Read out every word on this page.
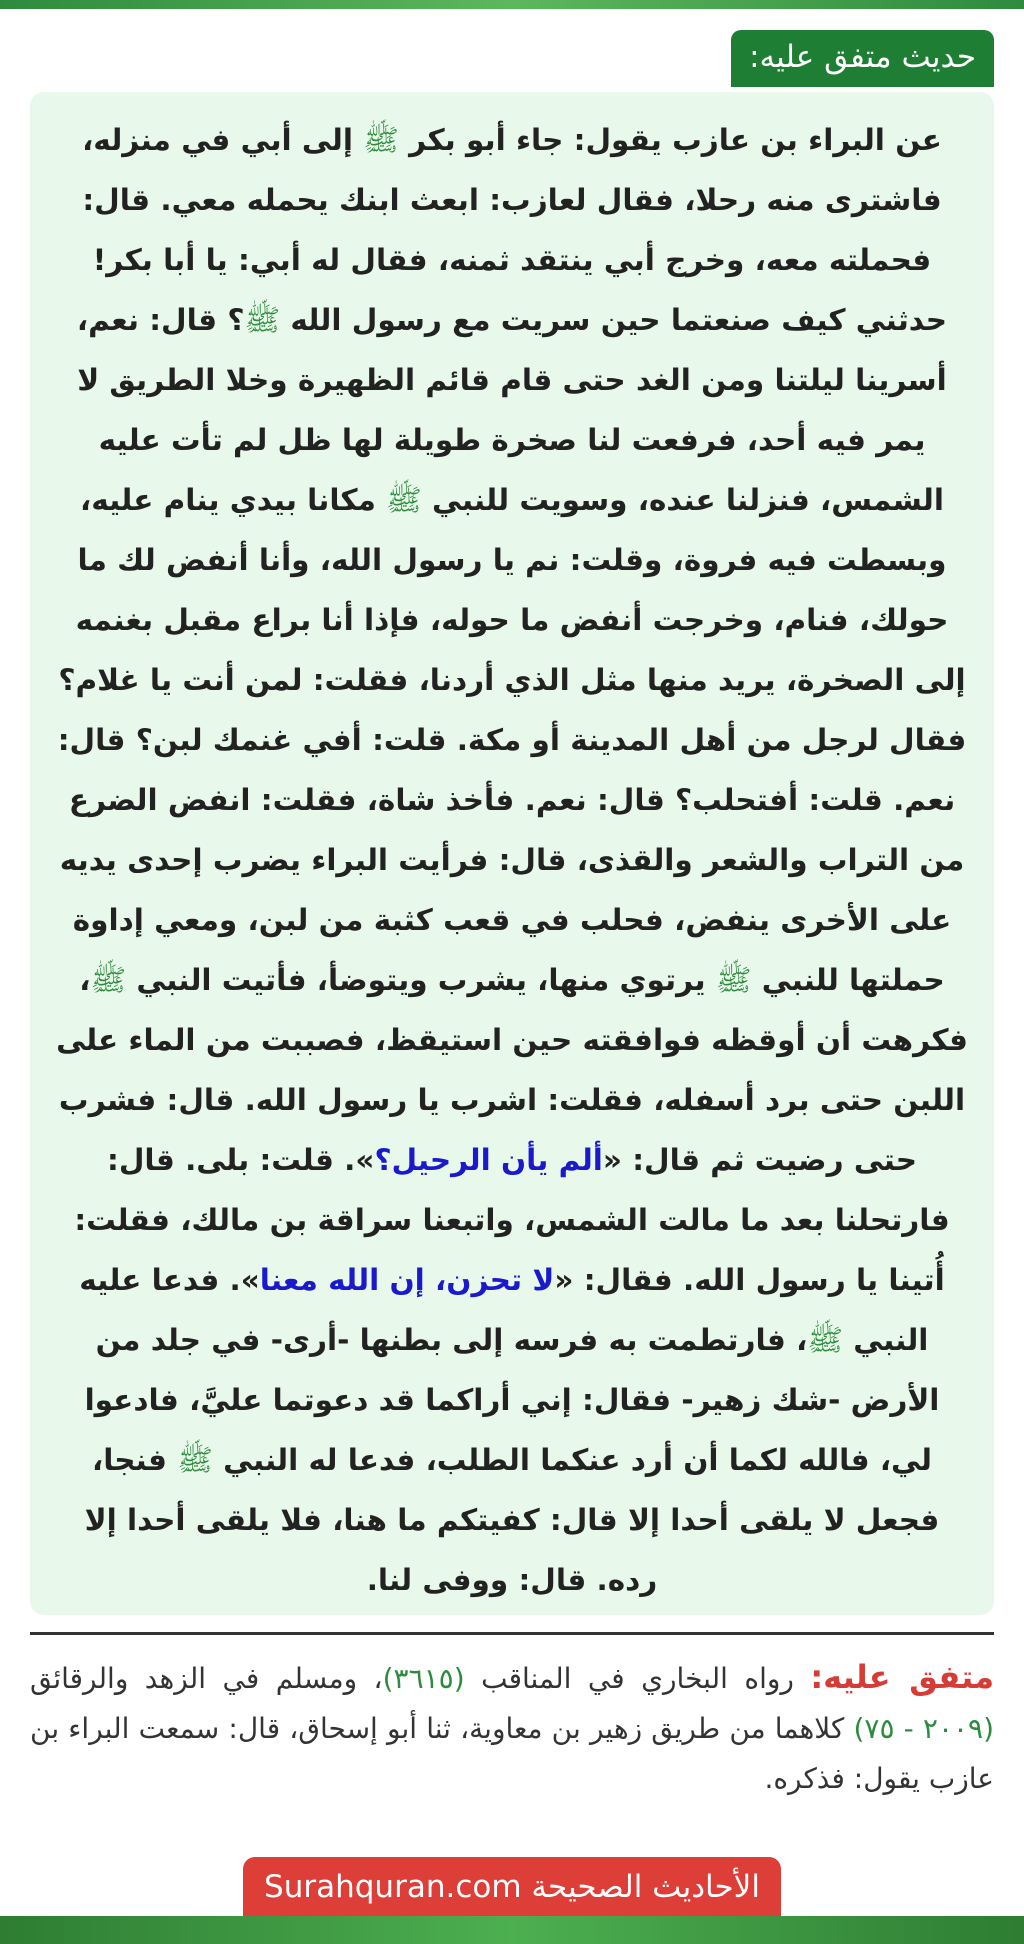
حديث متفق عليه:

عن البراء بن عازب يقول: جاء أبو بكر ﷺ إلى أبي في منزله، فاشترى منه رحلا، فقال لعازب: ابعث ابنك يحمله معي. قال: فحملته معه، وخرج أبي ينتقد ثمنه، فقال له أبي: يا أبا بكر! حدثني كيف صنعتما حين سريت مع رسول الله ﷺ؟ قال: نعم، أسرينا ليلتنا ومن الغد حتى قام قائم الظهيرة وخلا الطريق لا يمر فيه أحد، فرفعت لنا صخرة طويلة لها ظل لم تأت عليه الشمس، فنزلنا عنده، وسويت للنبي ﷺ مكانا بيدي ينام عليه، وبسطت فيه فروة، وقلت: نم يا رسول الله، وأنا أنفض لك ما حولك، فنام، وخرجت أنفض ما حوله، فإذا أنا براع مقبل بغنمه إلى الصخرة، يريد منها مثل الذي أردنا، فقلت: لمن أنت يا غلام؟ فقال لرجل من أهل المدينة أو مكة. قلت: أفي غنمك لبن؟ قال: نعم. قلت: أفتحلب؟ قال: نعم. فأخذ شاة، فقلت: انفض الضرع من التراب والشعر والقذى، قال: فرأيت البراء يضرب إحدى يديه على الأخرى ينفض، فحلب في قعب كثبة من لبن، ومعي إداوة حملتها للنبي ﷺ يرتوي منها، يشرب ويتوضأ، فأتيت النبي ﷺ، فكرهت أن أوقظه فوافقته حين استيقظ، فصببت من الماء على اللبن حتى برد أسفله، فقلت: اشرب يا رسول الله. قال: فشرب حتى رضيت ثم قال: «ألم يأن الرحيل؟». قلت: بلى. قال:

فارتحلنا بعد ما مالت الشمس، واتبعنا سراقة بن مالك، فقلت: أُتينا يا رسول الله. فقال: «لا تحزن، إن الله معنا». فدعا عليه النبي ﷺ، فارتطمت به فرسه إلى بطنها -أرى- في جلد من الأرض -شك زهير- فقال: إني أراكما قد دعوتما عليَّ، فادعوا لي، فالله لكما أن أرد عنكما الطلب، فدعا له النبي ﷺ فنجا، فجعل لا يلقى أحدا إلا قال: كفيتكم ما هنا، فلا يلقى أحدا إلا رده. قال: ووفى لنا.

متفق عليه: رواه البخاري في المناقب (٣٦١٥)، ومسلم في الزهد والرقائق (٢٠٠٩ - ٧٥) كلاهما من طريق زهير بن معاوية، ثنا أبو إسحاق، قال: سمعت البراء بن عازب يقول: فذكره.

الأحاديث الصحيحة Surahquran.com
